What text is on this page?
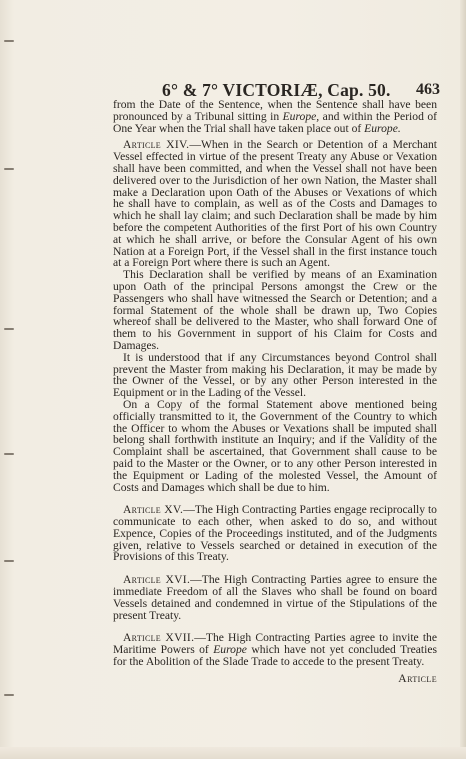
6° & 7° VICTORIÆ, Cap. 50. 463

from the Date of the Sentence, when the Sentence shall have been pronounced by a Tribunal sitting in Europe, and within the Period of One Year when the Trial shall have taken place out of Europe.

Article XIV.—When in the Search or Detention of a Merchant Vessel effected in virtue of the present Treaty any Abuse or Vexation shall have been committed, and when the Vessel shall not have been delivered over to the Jurisdiction of her own Nation, the Master shall make a Declaration upon Oath of the Abuses or Vexations of which he shall have to complain, as well as of the Costs and Damages to which he shall lay claim; and such Declaration shall be made by him before the competent Authorities of the first Port of his own Country at which he shall arrive, or before the Consular Agent of his own Nation at a Foreign Port, if the Vessel shall in the first instance touch at a Foreign Port where there is such an Agent.

This Declaration shall be verified by means of an Examination upon Oath of the principal Persons amongst the Crew or the Passengers who shall have witnessed the Search or Detention; and a formal Statement of the whole shall be drawn up, Two Copies whereof shall be delivered to the Master, who shall forward One of them to his Government in support of his Claim for Costs and Damages.

It is understood that if any Circumstances beyond Control shall prevent the Master from making his Declaration, it may be made by the Owner of the Vessel, or by any other Person interested in the Equipment or in the Lading of the Vessel.

On a Copy of the formal Statement above mentioned being officially transmitted to it, the Government of the Country to which the Officer to whom the Abuses or Vexations shall be imputed shall belong shall forthwith institute an Inquiry; and if the Validity of the Complaint shall be ascertained, that Government shall cause to be paid to the Master or the Owner, or to any other Person interested in the Equipment or Lading of the molested Vessel, the Amount of Costs and Damages which shall be due to him.

Article XV.—The High Contracting Parties engage reciprocally to communicate to each other, when asked to do so, and without Expence, Copies of the Proceedings instituted, and of the Judgments given, relative to Vessels searched or detained in execution of the Provisions of this Treaty.

Article XVI.—The High Contracting Parties agree to ensure the immediate Freedom of all the Slaves who shall be found on board Vessels detained and condemned in virtue of the Stipulations of the present Treaty.

Article XVII.—The High Contracting Parties agree to invite the Maritime Powers of Europe which have not yet concluded Treaties for the Abolition of the Slade Trade to accede to the present Treaty.

Article
